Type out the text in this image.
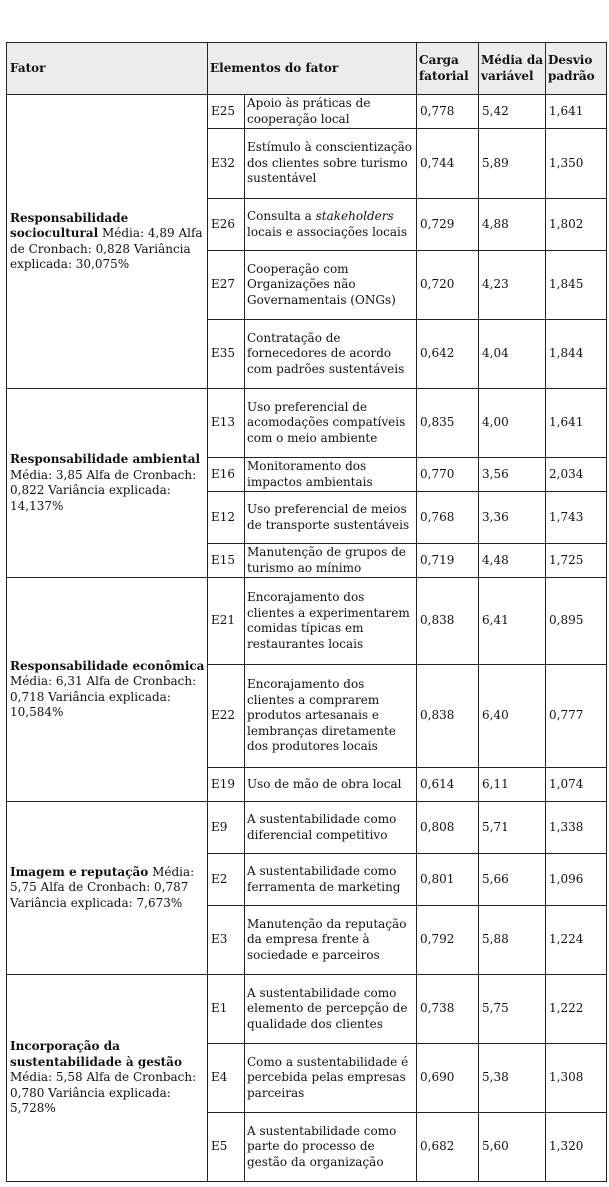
Fator	Elementos do fator		Carga fatorial	Média da variável	Desvio padrão
Responsabilidade sociocultural Média: 4,89 Alfa de Cronbach: 0,828 Variância explicada: 30,075%	E25	Apoio às práticas de cooperação local	0,778	5,42	1,641
	E32	Estímulo à conscientização dos clientes sobre turismo sustentável	0,744	5,89	1,350
	E26	Consulta a stakeholders locais e associações locais	0,729	4,88	1,802
	E27	Cooperação com Organizações não Governamentais (ONGs)	0,720	4,23	1,845
	E35	Contratação de fornecedores de acordo com padrões sustentáveis	0,642	4,04	1,844
Responsabilidade ambiental Média: 3,85 Alfa de Cronbach: 0,822 Variância explicada: 14,137%	E13	Uso preferencial de acomodações compatíveis com o meio ambiente	0,835	4,00	1,641
	E16	Monitoramento dos impactos ambientais	0,770	3,56	2,034
	E12	Uso preferencial de meios de transporte sustentáveis	0,768	3,36	1,743
	E15	Manutenção de grupos de turismo ao mínimo	0,719	4,48	1,725
Responsabilidade econômica Média: 6,31 Alfa de Cronbach: 0,718 Variância explicada: 10,584%	E21	Encorajamento dos clientes a experimentarem comidas típicas em restaurantes locais	0,838	6,41	0,895
	E22	Encorajamento dos clientes a comprarem produtos artesanais e lembranças diretamente dos produtores locais	0,838	6,40	0,777
	E19	Uso de mão de obra local	0,614	6,11	1,074
Imagem e reputação Média: 5,75 Alfa de Cronbach: 0,787 Variância explicada: 7,673%	E9	A sustentabilidade como diferencial competitivo	0,808	5,71	1,338
	E2	A sustentabilidade como ferramenta de marketing	0,801	5,66	1,096
	E3	Manutenção da reputação da empresa frente à sociedade e parceiros	0,792	5,88	1,224
Incorporação da sustentabilidade à gestão Média: 5,58 Alfa de Cronbach: 0,780 Variância explicada: 5,728%	E1	A sustentabilidade como elemento de percepção de qualidade dos clientes	0,738	5,75	1,222
	E4	Como a sustentabilidade é percebida pelas empresas parceiras	0,690	5,38	1,308
	E5	A sustentabilidade como parte do processo de gestão da organização	0,682	5,60	1,320
